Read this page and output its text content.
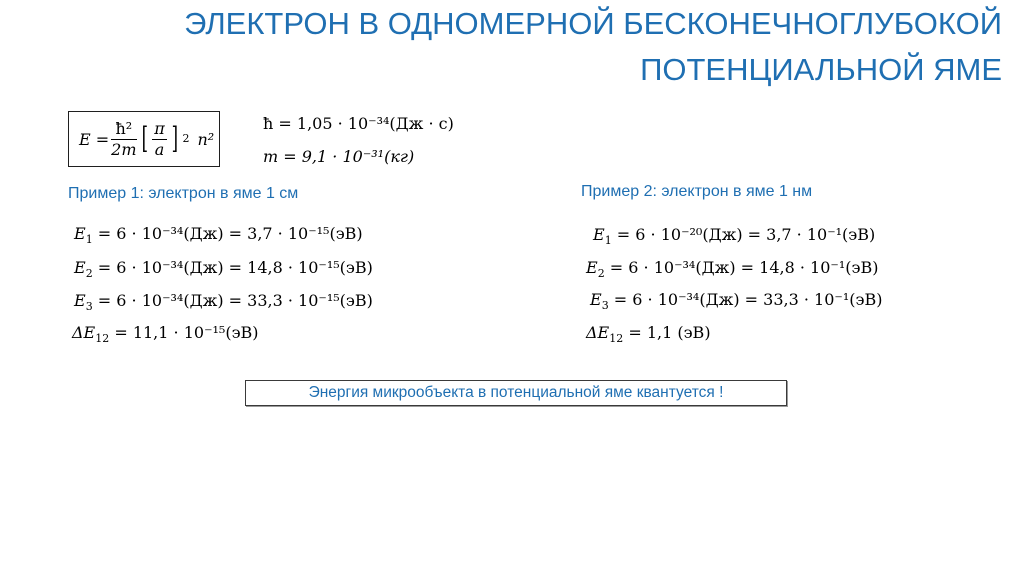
ЭЛЕКТРОН В ОДНОМЕРНОЙ БЕСКОНЕЧНОГЛУБОКОЙ
ПОТЕНЦИАЛЬНОЙ ЯМЕ
$E = \frac{\text{ħ²}}{2m}$ [ $\frac{\pi}{a}$ ] 2 n²
ħ = 1,05 · 10⁻³⁴(Дж · с)
m = 9,1 · 10⁻³¹(кг)
Пример 1: электрон в яме 1 см	Пример 2: электрон в яме 1 нм
$E_1 = 6 \cdot 10^{-34}(Дж) = 3,7 \cdot 10^{-15}(эВ)$
$E_2 = 6 \cdot 10^{-34}(Дж) = 14,8 \cdot 10^{-15}(эВ)$
$E_3 = 6 \cdot 10^{-34}(Дж) = 33,3 \cdot 10^{-15}(эВ)$
$\Delta E_{12} = 11,1 \cdot 10^{-15}(эВ)$
$E_1 = 6 \cdot 10^{-20}(Дж) = 3,7 \cdot 10^{-1}(эВ)$
$E_2 = 6 \cdot 10^{-34}(Дж) = 14,8 \cdot 10^{-1}(эВ)$
$E_3 = 6 \cdot 10^{-34}(Дж) = 33,3 \cdot 10^{-1}(эВ)$
$\Delta E_{12} = 1,1$ (эВ)
Энергия микрообъекта в потенциальной яме квантуется !
